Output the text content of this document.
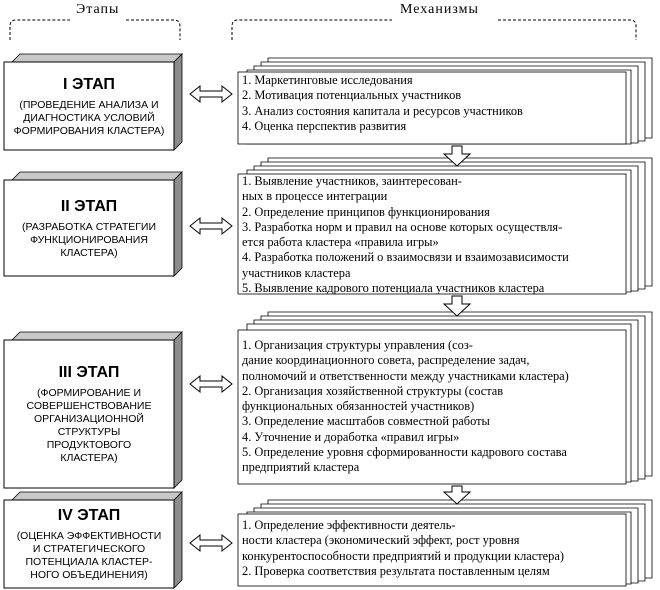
Этапы	Механизмы
I ЭТАП
(ПРОВЕДЕНИЕ АНАЛИЗА И
ДИАГНОСТИКА УСЛОВИЙ
ФОРМИРОВАНИЯ КЛАСТЕРА)
II ЭТАП
(РАЗРАБОТКА СТРАТЕГИИ
ФУНКЦИОНИРОВАНИЯ
КЛАСТЕРА)
III ЭТАП
(ФОРМИРОВАНИЕ И
СОВЕРШЕНСТВОВАНИЕ
ОРГАНИЗАЦИОННОЙ
СТРУКТУРЫ
ПРОДУКТОВОГО
КЛАСТЕРА)
IV ЭТАП
(ОЦЕНКА ЭФФЕКТИВНОСТИ
И СТРАТЕГИЧЕСКОГО
ПОТЕНЦИАЛА КЛАСТЕР-
НОГО ОБЪЕДИНЕНИЯ)
1. Маркетинговые исследования
2. Мотивация потенциальных участников
3. Анализ состояния капитала и ресурсов участников
4. Оценка перспектив развития
1. Выявление участников, заинтересован-
ных в процессе интеграции
2. Определение принципов функционирования
3. Разработка норм и правил на основе которых осуществля-
ется работа кластера «правила игры»
4. Разработка положений о взаимосвязи и взаимозависимости
участников кластера
5. Выявление кадрового потенциала участников кластера
1. Организация структуры управления (соз-
дание координационного совета, распределение задач,
полномочий и ответственности между участниками кластера)
2. Организация хозяйственной структуры (состав
функциональных обязанностей участников)
3. Определение масштабов совместной работы
4. Уточнение и доработка «правил игры»
5. Определение уровня сформированности кадрового состава
предприятий кластера
1. Определение эффективности деятель-
ности кластера (экономический эффект, рост уровня
конкурентоспособности предприятий и продукции кластера)
2. Проверка соответствия результата поставленным целям
